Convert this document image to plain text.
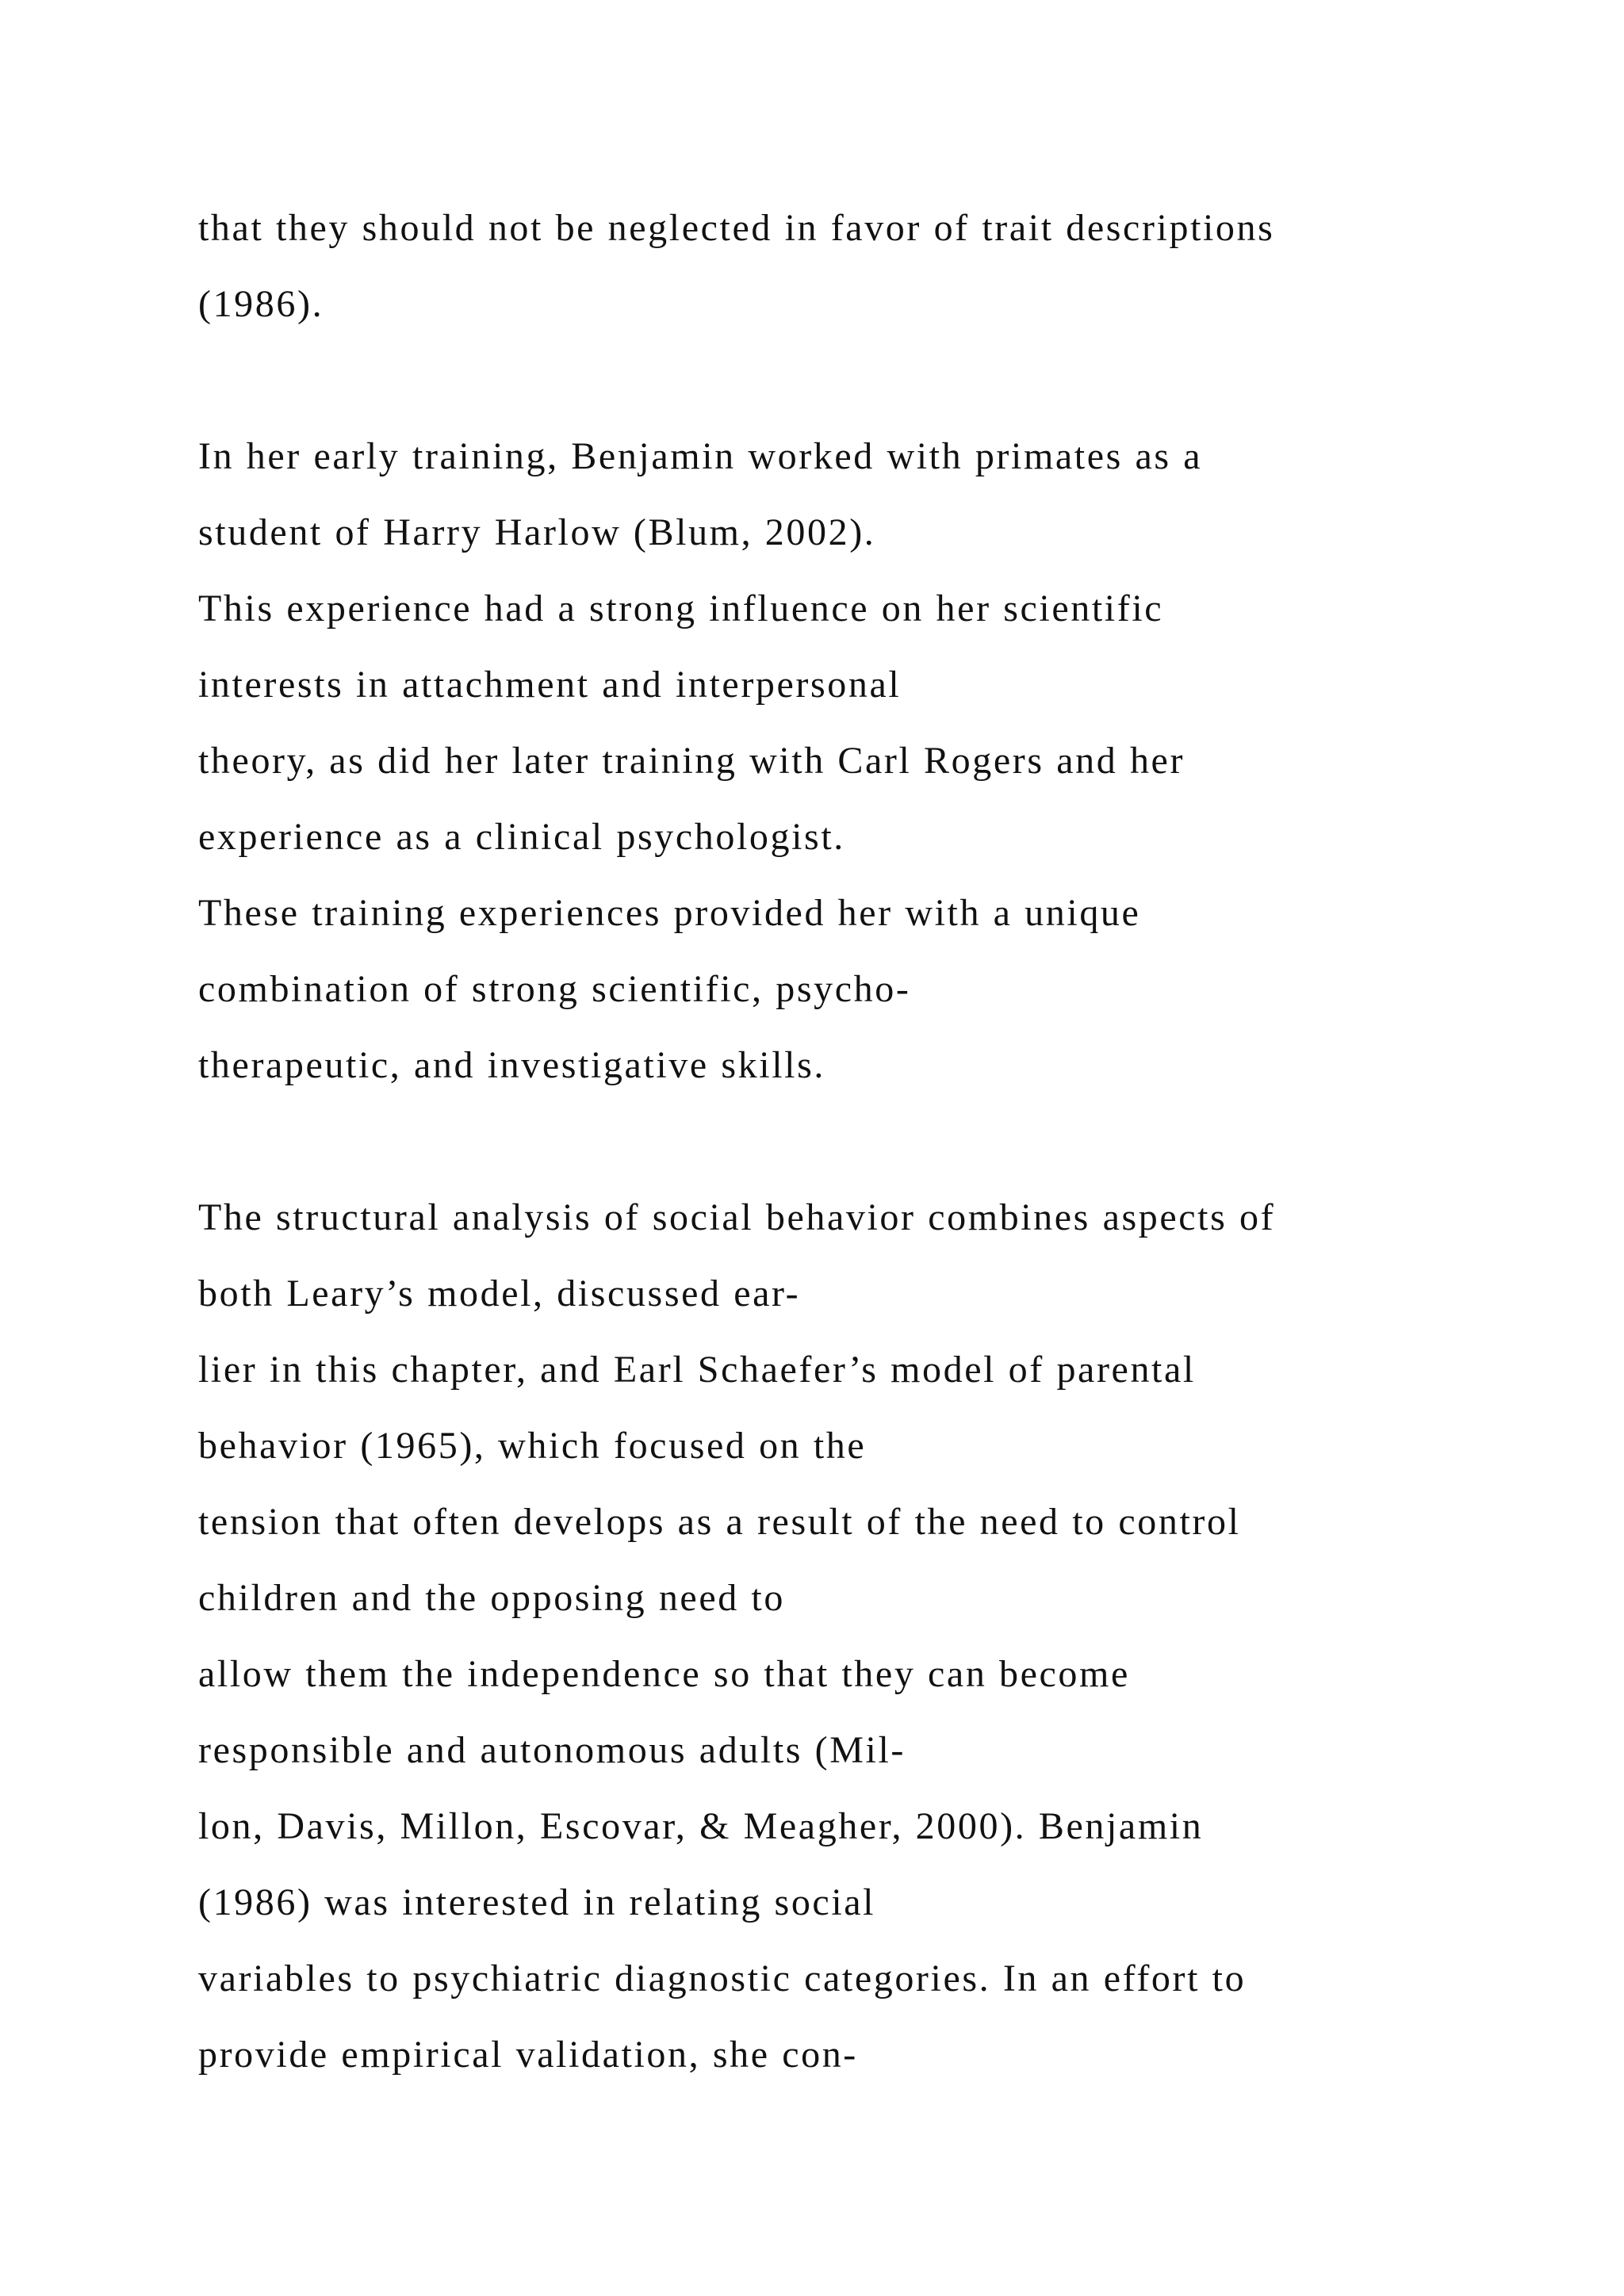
that they should not be neglected in favor of trait descriptions
(1986).
In her early training, Benjamin worked with primates as a
student of Harry Harlow (Blum, 2002).
This experience had a strong influence on her scientific
interests in attachment and interpersonal
theory, as did her later training with Carl Rogers and her
experience as a clinical psychologist.
These training experiences provided her with a unique
combination of strong scientific, psycho-
therapeutic, and investigative skills.
The structural analysis of social behavior combines aspects of
both Leary’s model, discussed ear-
lier in this chapter, and Earl Schaefer’s model of parental
behavior (1965), which focused on the
tension that often develops as a result of the need to control
children and the opposing need to
allow them the independence so that they can become
responsible and autonomous adults (Mil-
lon, Davis, Millon, Escovar, & Meagher, 2000). Benjamin
(1986) was interested in relating social
variables to psychiatric diagnostic categories. In an effort to
provide empirical validation, she con-
